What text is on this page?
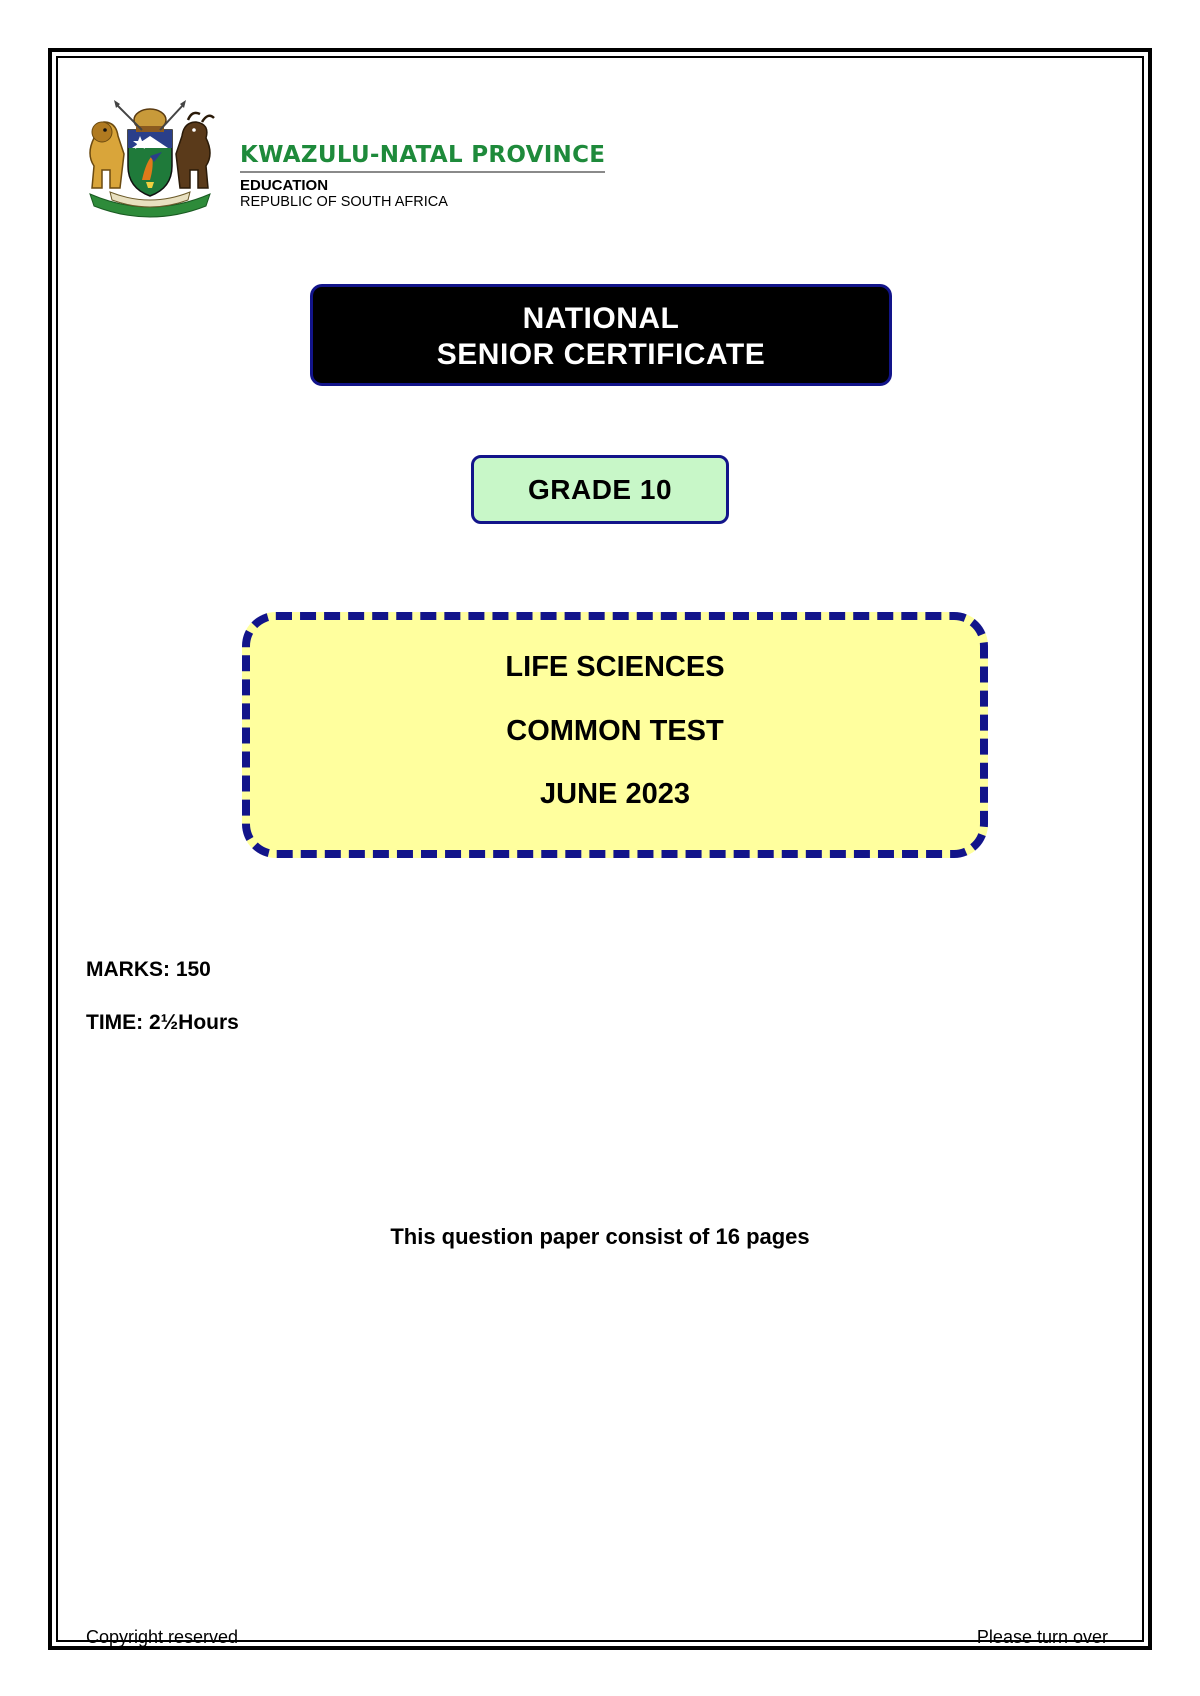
KWAZULU-NATAL PROVINCE
EDUCATION
REPUBLIC OF SOUTH AFRICA
NATIONAL
SENIOR CERTIFICATE
GRADE 10
LIFE SCIENCES
COMMON TEST
JUNE 2023
MARKS: 150
TIME: 2½Hours
This question paper consist of 16 pages
Copyright reserved	Please turn over
